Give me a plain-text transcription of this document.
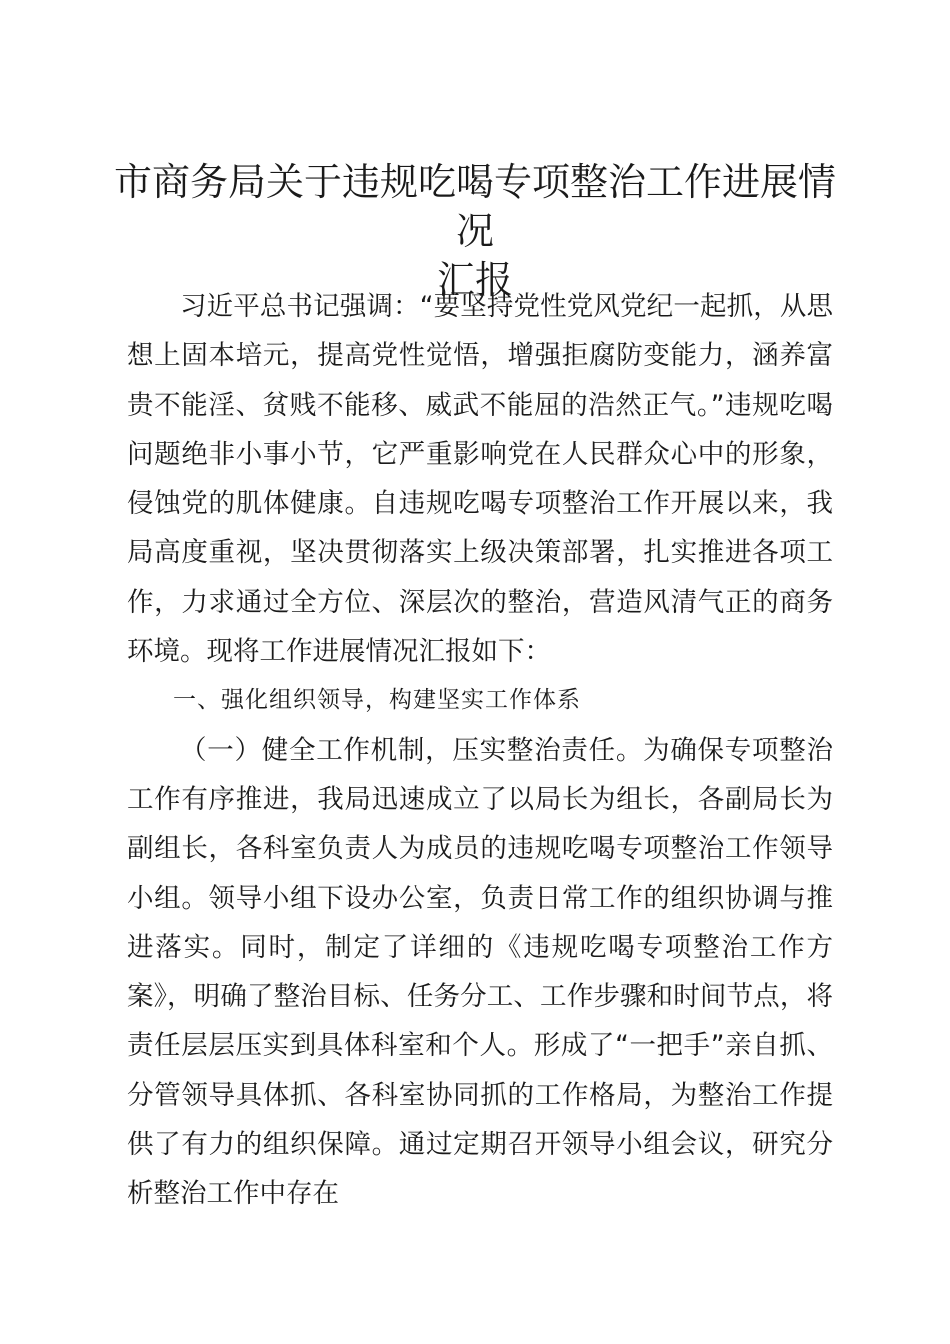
市商务局关于违规吃喝专项整治工作进展情况
汇报

习近平总书记强调：“要坚持党性党风党纪一起抓，从思想上固本培元，提高党性觉悟，增强拒腐防变能力，涵养富贵不能淫、贫贱不能移、威武不能屈的浩然正气。”违规吃喝问题绝非小事小节，它严重影响党在人民群众心中的形象，侵蚀党的肌体健康。自违规吃喝专项整治工作开展以来，我局高度重视，坚决贯彻落实上级决策部署，扎实推进各项工作，力求通过全方位、深层次的整治，营造风清气正的商务环境。现将工作进展情况汇报如下：

一、强化组织领导，构建坚实工作体系

（一）健全工作机制，压实整治责任。为确保专项整治工作有序推进，我局迅速成立了以局长为组长，各副局长为副组长，各科室负责人为成员的违规吃喝专项整治工作领导小组。领导小组下设办公室，负责日常工作的组织协调与推进落实。同时，制定了详细的《违规吃喝专项整治工作方案》，明确了整治目标、任务分工、工作步骤和时间节点，将责任层层压实到具体科室和个人。形成了“一把手”亲自抓、分管领导具体抓、各科室协同抓的工作格局，为整治工作提供了有力的组织保障。通过定期召开领导小组会议，研究分析整治工作中存在
